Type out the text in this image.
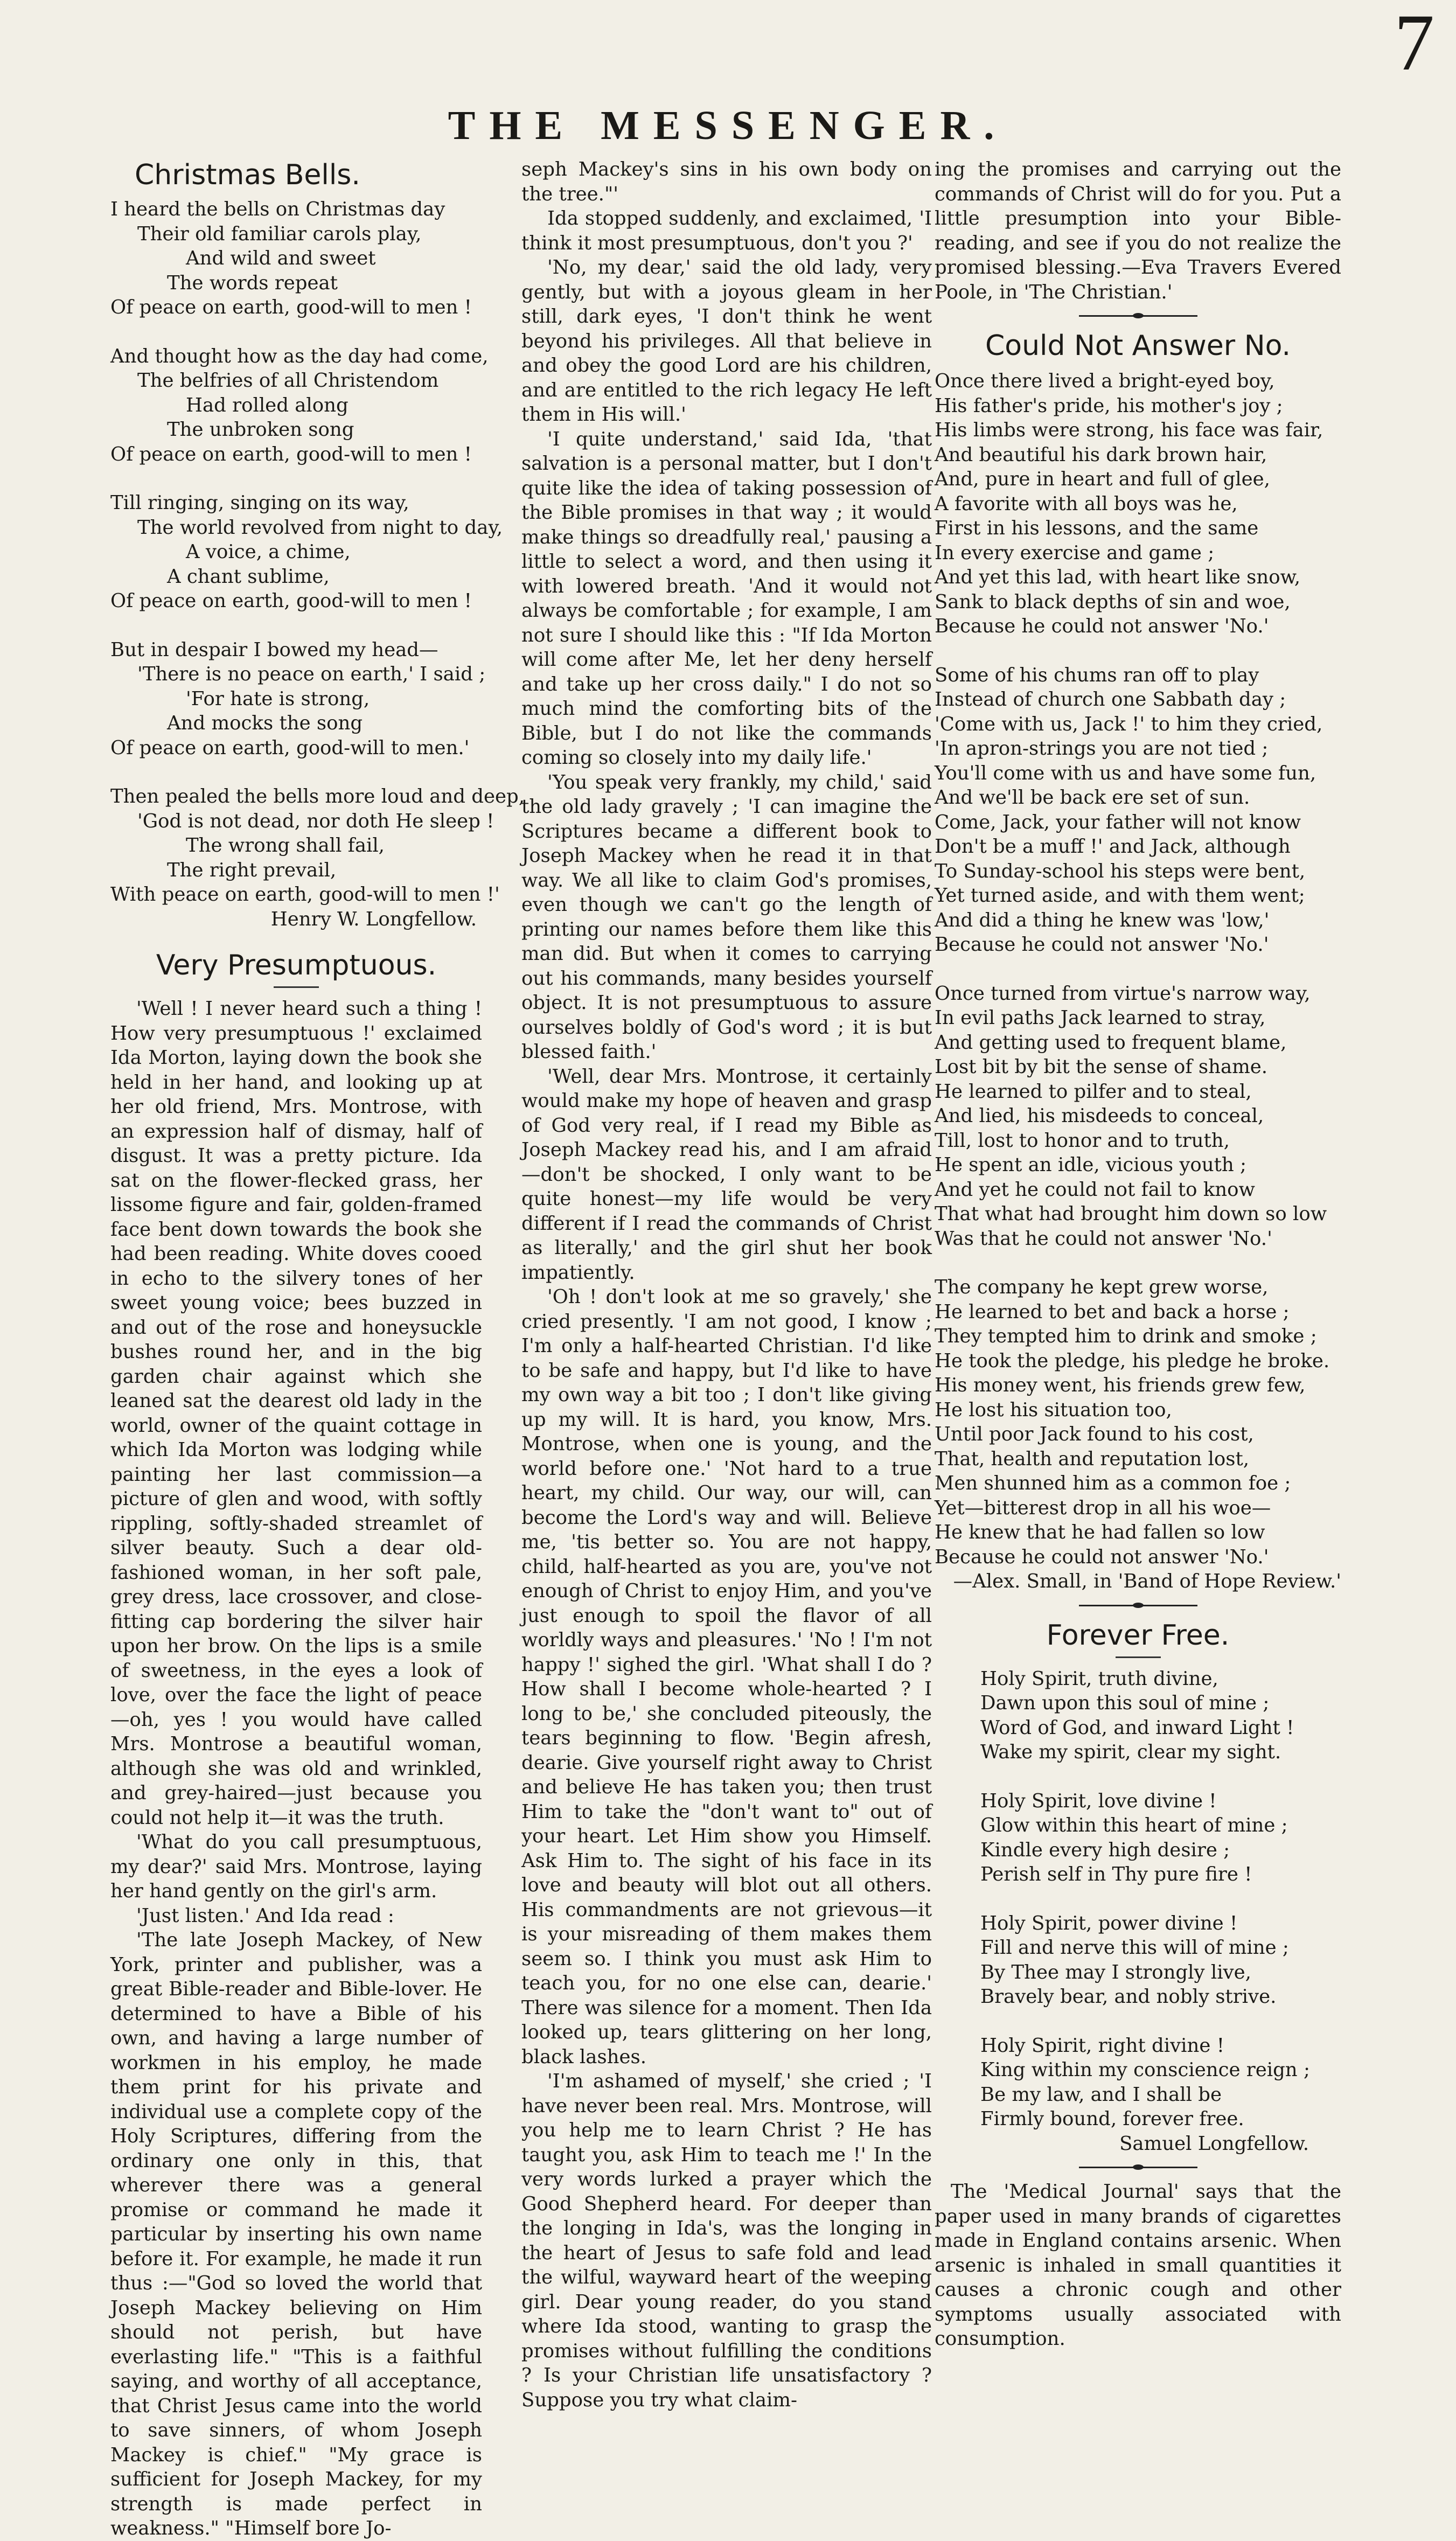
7
THE MESSENGER.
Christmas Bells.
I heard the bells on Christmas day
Their old familiar carols play,
And wild and sweet
The words repeat
Of peace on earth, good-will to men !
And thought how as the day had come,
The belfries of all Christendom
Had rolled along
The unbroken song
Of peace on earth, good-will to men !
Till ringing, singing on its way,
The world revolved from night to day,
A voice, a chime,
A chant sublime,
Of peace on earth, good-will to men !
But in despair I bowed my head—
'There is no peace on earth,' I said ;
'For hate is strong,
And mocks the song
Of peace on earth, good-will to men.'
Then pealed the bells more loud and deep,
'God is not dead, nor doth He sleep !
The wrong shall fail,
The right prevail,
With peace on earth, good-will to men !'
Henry W. Longfellow.
Very Presumptuous.

'Well ! I never heard such a thing ! How very presumptuous !' exclaimed Ida Morton, laying down the book she held in her hand, and looking up at her old friend, Mrs. Montrose, with an expression half of dismay, half of disgust. It was a pretty picture. Ida sat on the flower-flecked grass, her lissome figure and fair, golden-framed face bent down towards the book she had been reading. White doves cooed in echo to the silvery tones of her sweet young voice; bees buzzed in and out of the rose and honeysuckle bushes round her, and in the big garden chair against which she leaned sat the dearest old lady in the world, owner of the quaint cottage in which Ida Morton was lodging while painting her last commission—a picture of glen and wood, with softly rippling, softly-shaded streamlet of silver beauty. Such a dear old-fashioned woman, in her soft pale, grey dress, lace crossover, and close-fitting cap bordering the silver hair upon her brow. On the lips is a smile of sweetness, in the eyes a look of love, over the face the light of peace—oh, yes ! you would have called Mrs. Montrose a beautiful woman, although she was old and wrinkled, and grey-haired—just because you could not help it—it was the truth.

'What do you call presumptuous, my dear?' said Mrs. Montrose, laying her hand gently on the girl's arm.

'Just listen.' And Ida read :

'The late Joseph Mackey, of New York, printer and publisher, was a great Bible-reader and Bible-lover. He determined to have a Bible of his own, and having a large number of workmen in his employ, he made them print for his private and individual use a complete copy of the Holy Scriptures, differing from the ordinary one only in this, that wherever there was a general promise or command he made it particular by inserting his own name before it. For example, he made it run thus :—"God so loved the world that Joseph Mackey believing on Him should not perish, but have everlasting life." "This is a faithful saying, and worthy of all acceptance, that Christ Jesus came into the world to save sinners, of whom Joseph Mackey is chief." "My grace is sufficient for Joseph Mackey, for my strength is made perfect in weakness." "Himself bore Jo-

seph Mackey's sins in his own body on the tree."'

Ida stopped suddenly, and exclaimed, 'I think it most presumptuous, don't you ?'

'No, my dear,' said the old lady, very gently, but with a joyous gleam in her still, dark eyes, 'I don't think he went beyond his privileges. All that believe in and obey the good Lord are his children, and are entitled to the rich legacy He left them in His will.'

'I quite understand,' said Ida, 'that salvation is a personal matter, but I don't quite like the idea of taking possession of the Bible promises in that way ; it would make things so dreadfully real,' pausing a little to select a word, and then using it with lowered breath. 'And it would not always be comfortable ; for example, I am not sure I should like this : "If Ida Morton will come after Me, let her deny herself and take up her cross daily." I do not so much mind the comforting bits of the Bible, but I do not like the commands coming so closely into my daily life.'

'You speak very frankly, my child,' said the old lady gravely ; 'I can imagine the Scriptures became a different book to Joseph Mackey when he read it in that way. We all like to claim God's promises, even though we can't go the length of printing our names before them like this man did. But when it comes to carrying out his commands, many besides yourself object. It is not presumptuous to assure ourselves boldly of God's word ; it is but blessed faith.'

'Well, dear Mrs. Montrose, it certainly would make my hope of heaven and grasp of God very real, if I read my Bible as Joseph Mackey read his, and I am afraid—don't be shocked, I only want to be quite honest—my life would be very different if I read the commands of Christ as literally,' and the girl shut her book impatiently.

'Oh ! don't look at me so gravely,' she cried presently. 'I am not good, I know ; I'm only a half-hearted Christian. I'd like to be safe and happy, but I'd like to have my own way a bit too ; I don't like giving up my will. It is hard, you know, Mrs. Montrose, when one is young, and the world before one.' 'Not hard to a true heart, my child. Our way, our will, can become the Lord's way and will. Believe me, 'tis better so. You are not happy, child, half-hearted as you are, you've not enough of Christ to enjoy Him, and you've just enough to spoil the flavor of all worldly ways and pleasures.' 'No ! I'm not happy !' sighed the girl. 'What shall I do ? How shall I become whole-hearted ? I long to be,' she concluded piteously, the tears beginning to flow. 'Begin afresh, dearie. Give yourself right away to Christ and believe He has taken you; then trust Him to take the "don't want to" out of your heart. Let Him show you Himself. Ask Him to. The sight of his face in its love and beauty will blot out all others. His commandments are not grievous—it is your misreading of them makes them seem so. I think you must ask Him to teach you, for no one else can, dearie.' There was silence for a moment. Then Ida looked up, tears glittering on her long, black lashes.

'I'm ashamed of myself,' she cried ; 'I have never been real. Mrs. Montrose, will you help me to learn Christ ? He has taught you, ask Him to teach me !' In the very words lurked a prayer which the Good Shepherd heard. For deeper than the longing in Ida's, was the longing in the heart of Jesus to safe fold and lead the wilful, wayward heart of the weeping girl. Dear young reader, do you stand where Ida stood, wanting to grasp the promises without fulfilling the conditions ? Is your Christian life unsatisfactory ? Suppose you try what claim-

ing the promises and carrying out the commands of Christ will do for you. Put a little presumption into your Bible-reading, and see if you do not realize the promised blessing.—Eva Travers Evered Poole, in 'The Christian.'

Could Not Answer No.
Once there lived a bright-eyed boy,
His father's pride, his mother's joy ;
His limbs were strong, his face was fair,
And beautiful his dark brown hair,
And, pure in heart and full of glee,
A favorite with all boys was he,
First in his lessons, and the same
In every exercise and game ;
And yet this lad, with heart like snow,
Sank to black depths of sin and woe,
Because he could not answer 'No.'
Some of his chums ran off to play
Instead of church one Sabbath day ;
'Come with us, Jack !' to him they cried,
'In apron-strings you are not tied ;
You'll come with us and have some fun,
And we'll be back ere set of sun.
Come, Jack, your father will not know
Don't be a muff !' and Jack, although
To Sunday-school his steps were bent,
Yet turned aside, and with them went;
And did a thing he knew was 'low,'
Because he could not answer 'No.'
Once turned from virtue's narrow way,
In evil paths Jack learned to stray,
And getting used to frequent blame,
Lost bit by bit the sense of shame.
He learned to pilfer and to steal,
And lied, his misdeeds to conceal,
Till, lost to honor and to truth,
He spent an idle, vicious youth ;
And yet he could not fail to know
That what had brought him down so low
Was that he could not answer 'No.'
The company he kept grew worse,
He learned to bet and back a horse ;
They tempted him to drink and smoke ;
He took the pledge, his pledge he broke.
His money went, his friends grew few,
He lost his situation too,
Until poor Jack found to his cost,
That, health and reputation lost,
Men shunned him as a common foe ;
Yet—bitterest drop in all his woe—
He knew that he had fallen so low
Because he could not answer 'No.'
—Alex. Small, in 'Band of Hope Review.'
Forever Free.
Holy Spirit, truth divine,
Dawn upon this soul of mine ;
Word of God, and inward Light !
Wake my spirit, clear my sight.
Holy Spirit, love divine !
Glow within this heart of mine ;
Kindle every high desire ;
Perish self in Thy pure fire !
Holy Spirit, power divine !
Fill and nerve this will of mine ;
By Thee may I strongly live,
Bravely bear, and nobly strive.
Holy Spirit, right divine !
King within my conscience reign ;
Be my law, and I shall be
Firmly bound, forever free.
Samuel Longfellow.

The 'Medical Journal' says that the paper used in many brands of cigarettes made in England contains arsenic. When arsenic is inhaled in small quantities it causes a chronic cough and other symptoms usually associated with consumption.
